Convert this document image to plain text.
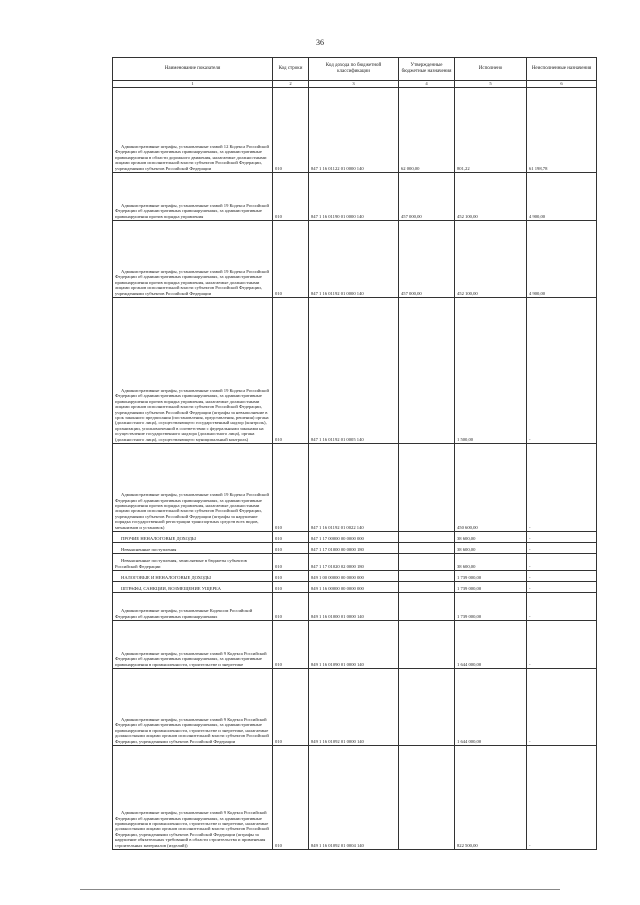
36
Наименование показателя	Код строки	Код дохода по бюджетной классификации	Утвержденные бюджетные назначения	Исполнено	Неисполненные назначения
1	2	3	4	5	6
Административные штрафы, установленные главой 12 Кодекса Российской Федерации об административных правонарушениях, за административные правонарушения в области дорожного движения, налагаемые должностными лицами органов исполнительной власти субъектов Российской Федерации, учреждениями субъектов Российской Федерации	010	847 1 16 01122 01 0000 140	62 000,00	801,22	61 198,78
Административные штрафы, установленные главой 19 Кодекса Российской Федерации об административных правонарушениях, за административные правонарушения против порядка управления	010	847 1 16 01190 01 0000 140	457 000,00	452 100,00	4 900,00
Административные штрафы, установленные главой 19 Кодекса Российской Федерации об административных правонарушениях, за административные правонарушения против порядка управления, налагаемые должностными лицами органов исполнительной власти субъектов Российской Федерации, учреждениями субъектов Российской Федерации	010	847 1 16 01192 01 0000 140	457 000,00	452 100,00	4 900,00
Административные штрафы, установленные главой 19 Кодекса Российской Федерации об административных правонарушениях, за административные правонарушения против порядка управления, налагаемые должностными лицами органов исполнительной власти субъектов Российской Федерации, учреждениями субъектов Российской Федерации (штрафы за невыполнение в срок законного предписания (постановления, представления, решения) органа (должностного лица), осуществляющего государственный надзор (контроль), организации, уполномоченной в соответствии с федеральными законами на осуществление государственного надзора (должностного лица), органа (должностного лица), осуществляющего муниципальный контроль)	010	847 1 16 01192 01 0005 140		1 500,00	-
Административные штрафы, установленные главой 19 Кодекса Российской Федерации об административных правонарушениях, за административные правонарушения против порядка управления, налагаемые должностными лицами органов исполнительной власти субъектов Российской Федерации, учреждениями субъектов Российской Федерации (штрафы за нарушение порядка государственной регистрации транспортных средств всех видов, механизмов и установок)	010	847 1 16 01192 01 0022 140		450 600,00	-
ПРОЧИЕ НЕНАЛОГОВЫЕ ДОХОДЫ	010	847 1 17 00000 00 0000 000		38 600,00	-
Невыясненные поступления	010	847 1 17 01000 00 0000 180		38 600,00	-
Невыясненные поступления, зачисляемые в бюджеты субъектов Российской Федерации	010	847 1 17 01020 02 0000 180		38 600,00	-
НАЛОГОВЫЕ И НЕНАЛОГОВЫЕ ДОХОДЫ	010	849 1 00 00000 00 0000 000		1 739 000,00	-
ШТРАФЫ, САНКЦИИ, ВОЗМЕЩЕНИЕ УЩЕРБА	010	849 1 16 00000 00 0000 000		1 739 000,00	-
Административные штрафы, установленные Кодексом Российской Федерации об административных правонарушениях	010	849 1 16 01000 01 0000 140		1 739 000,00	-
Административные штрафы, установленные главой 9 Кодекса Российской Федерации об административных правонарушениях, за административные правонарушения в промышленности, строительстве и энергетике	010	849 1 16 01090 01 0000 140		1 644 000,00	-
Административные штрафы, установленные главой 9 Кодекса Российской Федерации об административных правонарушениях, за административные правонарушения в промышленности, строительстве и энергетике, налагаемые должностными лицами органов исполнительной власти субъектов Российской Федерации, учреждениями субъектов Российской Федерации	010	849 1 16 01092 01 0000 140		1 644 000,00	-
Административные штрафы, установленные главой 9 Кодекса Российской Федерации об административных правонарушениях, за административные правонарушения в промышленности, строительстве и энергетике, налагаемые должностными лицами органов исполнительной власти субъектов Российской Федерации, учреждениями субъектов Российской Федерации (штрафы за нарушение обязательных требований в области строительства и применения строительных материалов (изделий))	010	849 1 16 01092 01 0004 140		822 500,00	-
